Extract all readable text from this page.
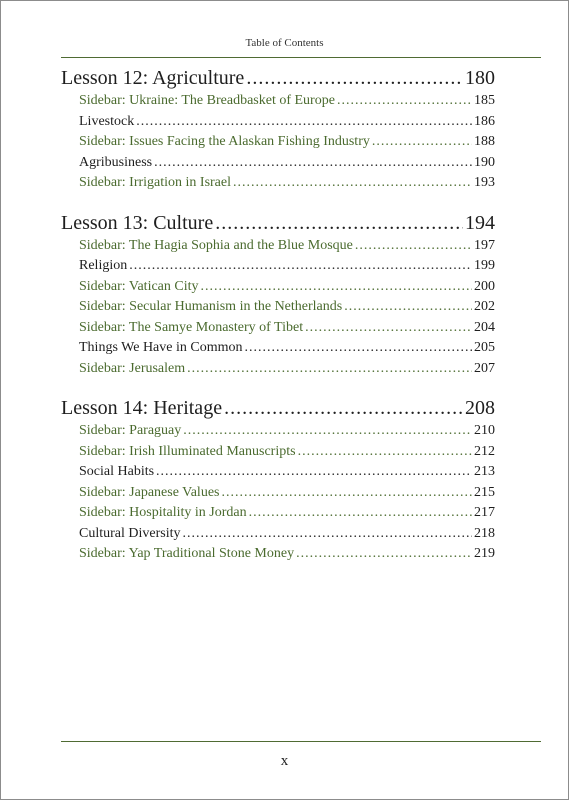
Table of Contents
Lesson 12: Agriculture .....	180
Sidebar: Ukraine: The Breadbasket of Europe .....	185
Livestock .....	186
Sidebar: Issues Facing the Alaskan Fishing Industry .....	188
Agribusiness .....	190
Sidebar: Irrigation in Israel .....	193
Lesson 13: Culture .....	194
Sidebar: The Hagia Sophia and the Blue Mosque .....	197
Religion .....	199
Sidebar: Vatican City .....	200
Sidebar: Secular Humanism in the Netherlands .....	202
Sidebar: The Samye Monastery of Tibet .....	204
Things We Have in Common .....	205
Sidebar: Jerusalem .....	207
Lesson 14: Heritage .....	208
Sidebar: Paraguay .....	210
Sidebar: Irish Illuminated Manuscripts .....	212
Social Habits .....	213
Sidebar: Japanese Values .....	215
Sidebar: Hospitality in Jordan .....	217
Cultural Diversity .....	218
Sidebar: Yap Traditional Stone Money .....	219
x
